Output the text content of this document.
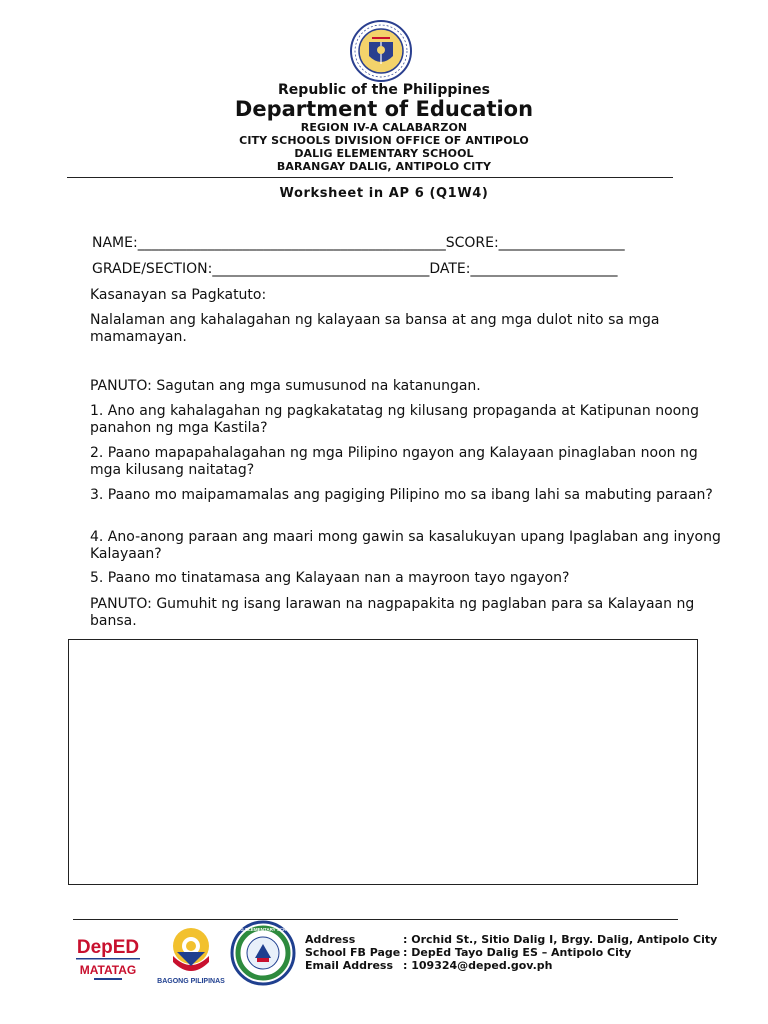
Republic of the Philippines
Department of Education
REGION IV-A CALABARZON
CITY SCHOOLS DIVISION OFFICE OF ANTIPOLO
DALIG ELEMENTARY SCHOOL
BARANGAY DALIG, ANTIPOLO CITY
Worksheet in AP 6 (Q1W4)
NAME:____________________________________________SCORE:__________________
GRADE/SECTION:_______________________________DATE:_____________________
Kasanayan sa Pagkatuto:
Nalalaman ang kahalagahan ng kalayaan sa bansa at ang mga dulot nito sa mga mamamayan.
PANUTO: Sagutan ang mga sumusunod na katanungan.
1. Ano ang kahalagahan ng pagkakatatag ng kilusang propaganda at Katipunan noong panahon ng mga Kastila?
2. Paano mapapahalagahan ng mga Pilipino ngayon ang Kalayaan pinaglaban noon ng mga kilusang naitatag?
3. Paano mo maipamamalas ang pagiging Pilipino mo sa ibang lahi sa mabuting paraan?
4. Ano-anong paraan ang maari mong gawin sa kasalukuyan upang Ipaglaban ang inyong Kalayaan?
5. Paano mo tinatamasa ang Kalayaan nan a mayroon tayo ngayon?
PANUTO: Gumuhit ng isang larawan na nagpapakita ng paglaban para sa Kalayaan ng bansa.
DepED
MATATAG
BAGONG PILIPINAS
DALIG ELEMENTARY SCHOOL
Address	: Orchid St., Sitio Dalig I, Brgy. Dalig, Antipolo City
School FB Page : DepEd Tayo Dalig ES – Antipolo City
Email Address : 109324@deped.gov.ph
